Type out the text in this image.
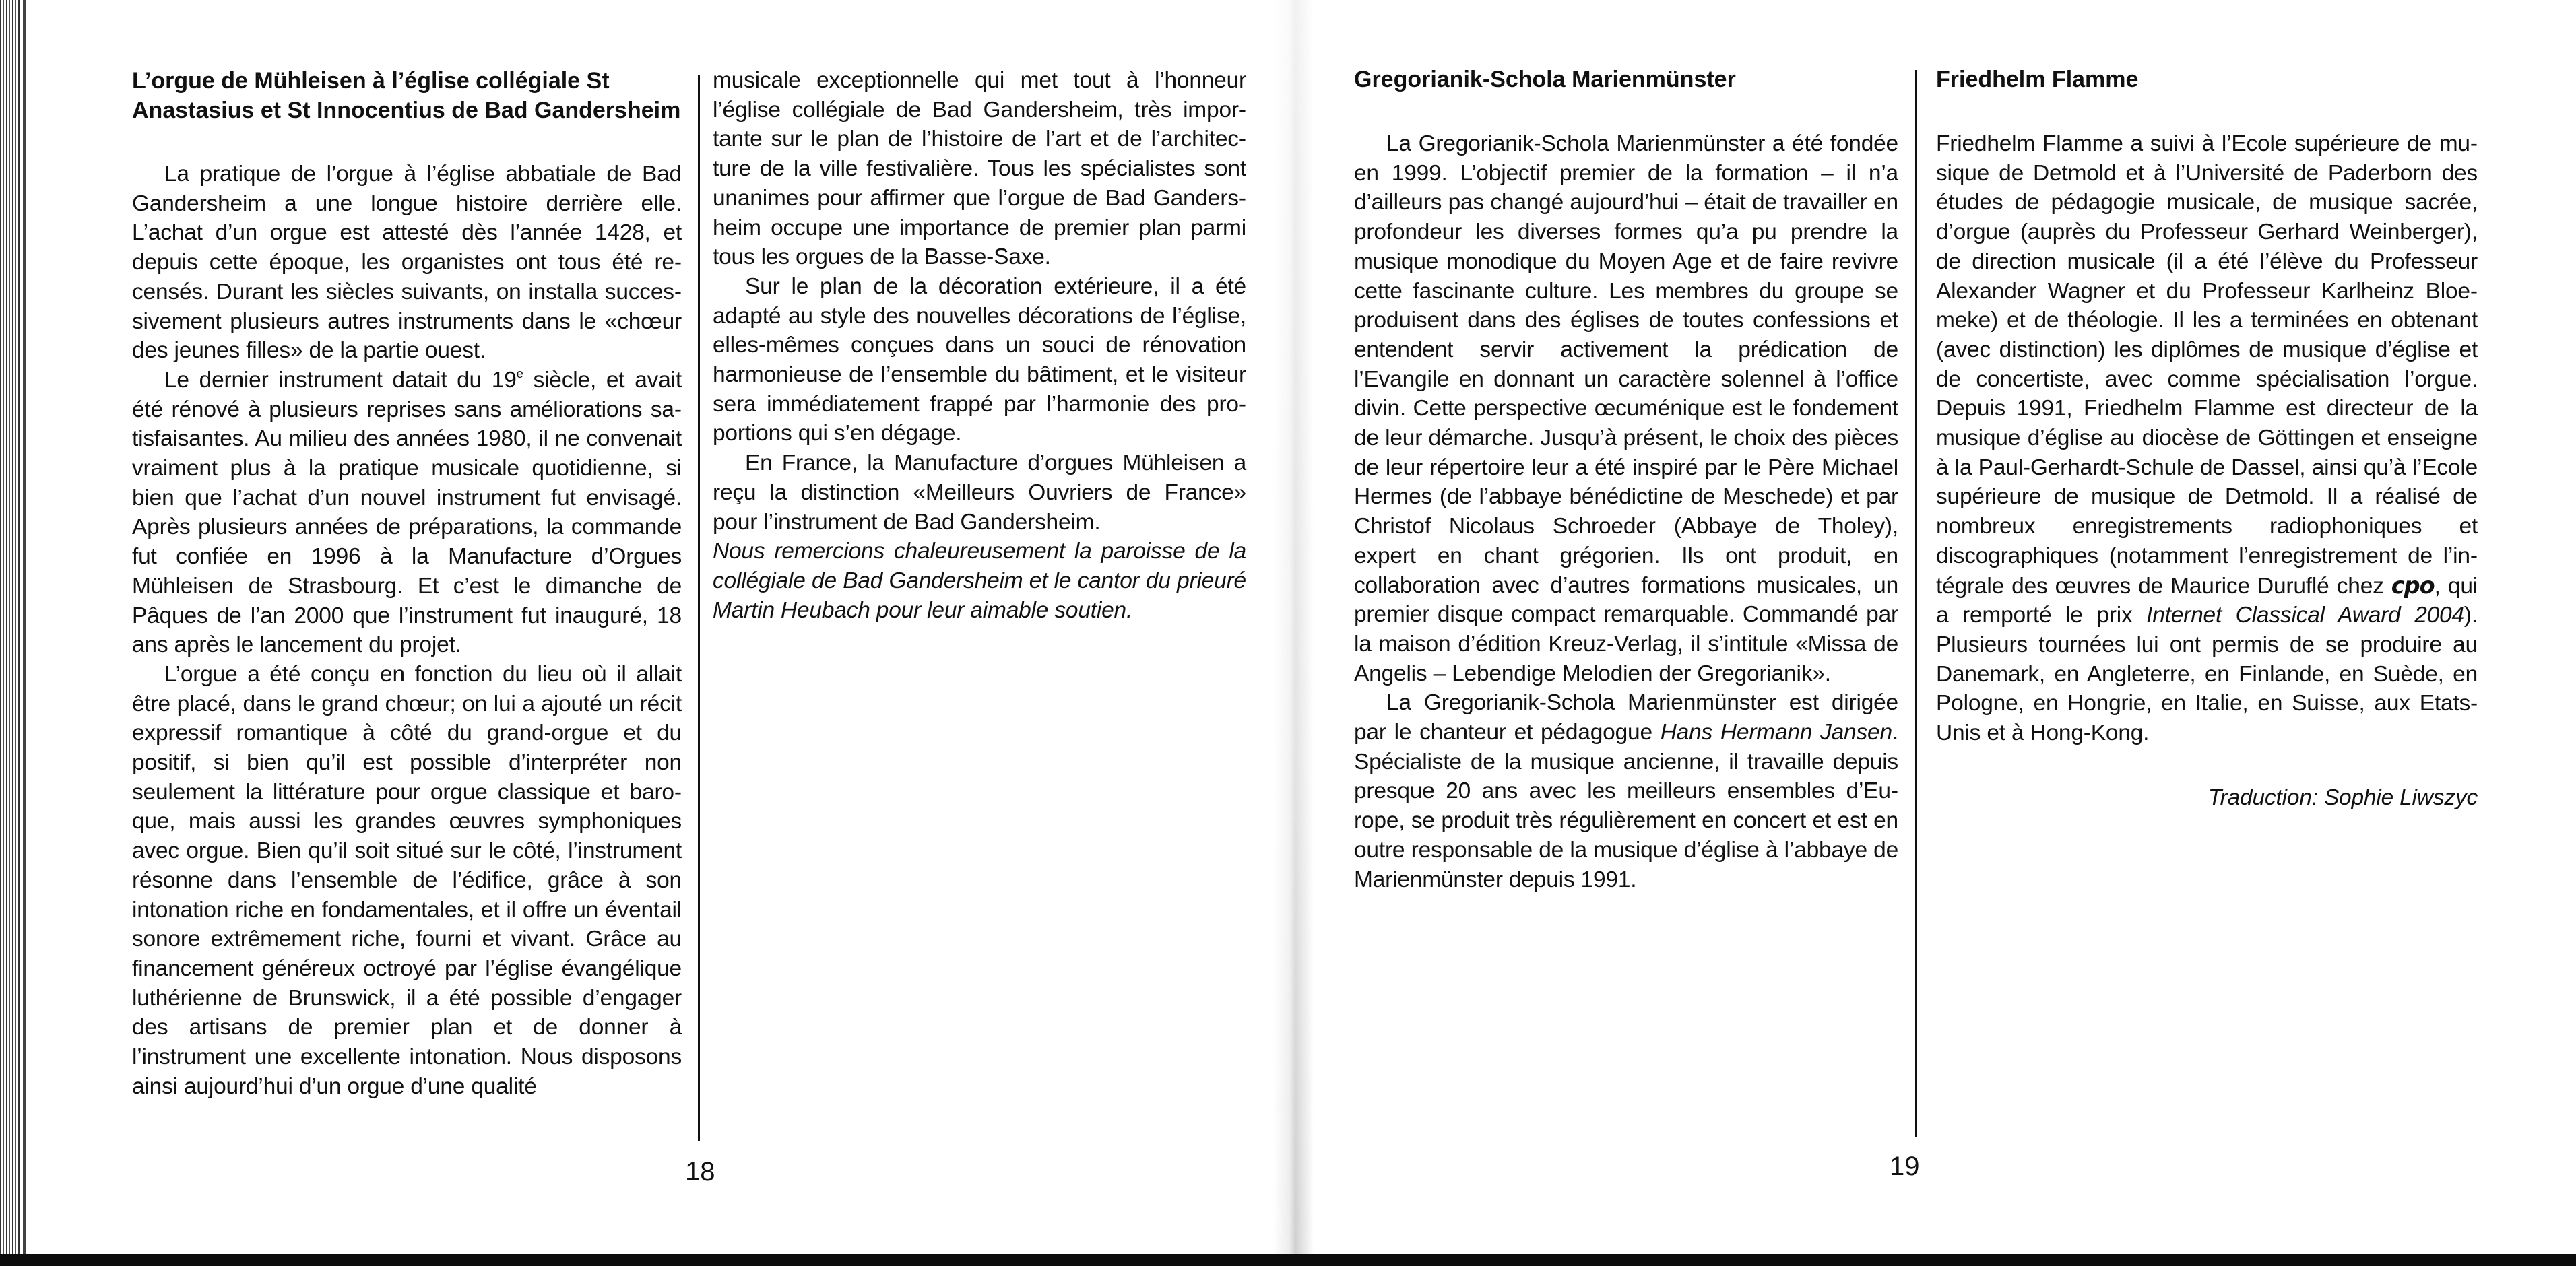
L’orgue de Mühleisen à l’église collégiale St Anastasius et St Innocentius de Bad Gandersheim

La pratique de l’orgue à l’église abbatiale de Bad Gandersheim a une longue histoire derrière elle. L’achat d’un orgue est attesté dès l’année 1428, et depuis cette époque, les organistes ont tous été recensés. Durant les siècles suivants, on installa successivement plusieurs autres instruments dans le «chœur des jeunes filles» de la partie ouest.

Le dernier instrument datait du 19e siècle, et avait été rénové à plusieurs reprises sans améliorations satisfaisantes. Au milieu des années 1980, il ne convenait vraiment plus à la pratique musicale quotidienne, si bien que l’achat d’un nouvel instrument fut envisagé. Après plusieurs années de préparations, la commande fut confiée en 1996 à la Manufacture d’Orgues Mühleisen de Strasbourg. Et c’est le dimanche de Pâques de l’an 2000 que l’instrument fut inauguré, 18 ans après le lancement du projet.

L’orgue a été conçu en fonction du lieu où il allait être placé, dans le grand chœur; on lui a ajouté un récit expressif romantique à côté du grand-orgue et du positif, si bien qu’il est possible d’interpréter non seulement la littérature pour orgue classique et baroque, mais aussi les grandes œuvres symphoniques avec orgue. Bien qu’il soit situé sur le côté, l’instrument résonne dans l’ensemble de l’édifice, grâce à son intonation riche en fondamentales, et il offre un éventail sonore extrêmement riche, fourni et vivant. Grâce au financement généreux octroyé par l’église évangélique luthérienne de Brunswick, il a été possible d’engager des artisans de premier plan et de donner à l’instrument une excellente intonation. Nous disposons ainsi aujourd’hui d’un orgue d’une qualité

musicale exceptionnelle qui met tout à l’honneur l’église collégiale de Bad Gandersheim, très importante sur le plan de l’histoire de l’art et de l’architecture de la ville festivalière. Tous les spécialistes sont unanimes pour affirmer que l’orgue de Bad Gandersheim occupe une importance de premier plan parmi tous les orgues de la Basse-Saxe.

Sur le plan de la décoration extérieure, il a été adapté au style des nouvelles décorations de l’église, elles-mêmes conçues dans un souci de rénovation harmonieuse de l’ensemble du bâtiment, et le visiteur sera immédiatement frappé par l’harmonie des proportions qui s’en dégage.

En France, la Manufacture d’orgues Mühleisen a reçu la distinction «Meilleurs Ouvriers de France» pour l’instrument de Bad Gandersheim.

Nous remercions chaleureusement la paroisse de la collégiale de Bad Gandersheim et le cantor du prieuré Martin Heubach pour leur aimable soutien.

18
Gregorianik-Schola Marienmünster

La Gregorianik-Schola Marienmünster a été fondée en 1999. L’objectif premier de la formation – il n’a d’ailleurs pas changé aujourd’hui – était de travailler en profondeur les diverses formes qu’a pu prendre la musique monodique du Moyen Age et de faire revivre cette fascinante culture. Les membres du groupe se produisent dans des églises de toutes confessions et entendent servir activement la prédication de l’Evangile en donnant un caractère solennel à l’office divin. Cette perspective œcuménique est le fondement de leur démarche. Jusqu’à présent, le choix des pièces de leur répertoire leur a été inspiré par le Père Michael Hermes (de l’abbaye bénédictine de Meschede) et par Christof Nicolaus Schroeder (Abbaye de Tholey), expert en chant grégorien. Ils ont produit, en collaboration avec d’autres formations musicales, un premier disque compact remarquable. Commandé par la maison d’édition Kreuz-Verlag, il s’intitule «Missa de Angelis – Lebendige Melodien der Gregorianik».

La Gregorianik-Schola Marienmünster est dirigée par le chanteur et pédagogue Hans Hermann Jansen. Spécialiste de la musique ancienne, il travaille depuis presque 20 ans avec les meilleurs ensembles d’Europe, se produit très régulièrement en concert et est en outre responsable de la musique d’église à l’abbaye de Marienmünster depuis 1991.

Friedhelm Flamme

Friedhelm Flamme a suivi à l’Ecole supérieure de musique de Detmold et à l’Université de Paderborn des études de pédagogie musicale, de musique sacrée, d’orgue (auprès du Professeur Gerhard Weinberger), de direction musicale (il a été l’élève du Professeur Alexander Wagner et du Professeur Karlheinz Bloemeke) et de théologie. Il les a terminées en obtenant (avec distinction) les diplômes de musique d’église et de concertiste, avec comme spécialisation l’orgue. Depuis 1991, Friedhelm Flamme est directeur de la musique d’église au diocèse de Göttingen et enseigne à la Paul-Gerhardt-Schule de Dassel, ainsi qu’à l’Ecole supérieure de musique de Detmold. Il a réalisé de nombreux enregistrements radiophoniques et discographiques (notamment l’enregistrement de l’intégrale des œuvres de Maurice Duruflé chez cpo, qui a remporté le prix Internet Classical Award 2004). Plusieurs tournées lui ont permis de se produire au Danemark, en Angleterre, en Finlande, en Suède, en Pologne, en Hongrie, en Italie, en Suisse, aux Etats-Unis et à Hong-Kong.

Traduction: Sophie Liwszyc

19
